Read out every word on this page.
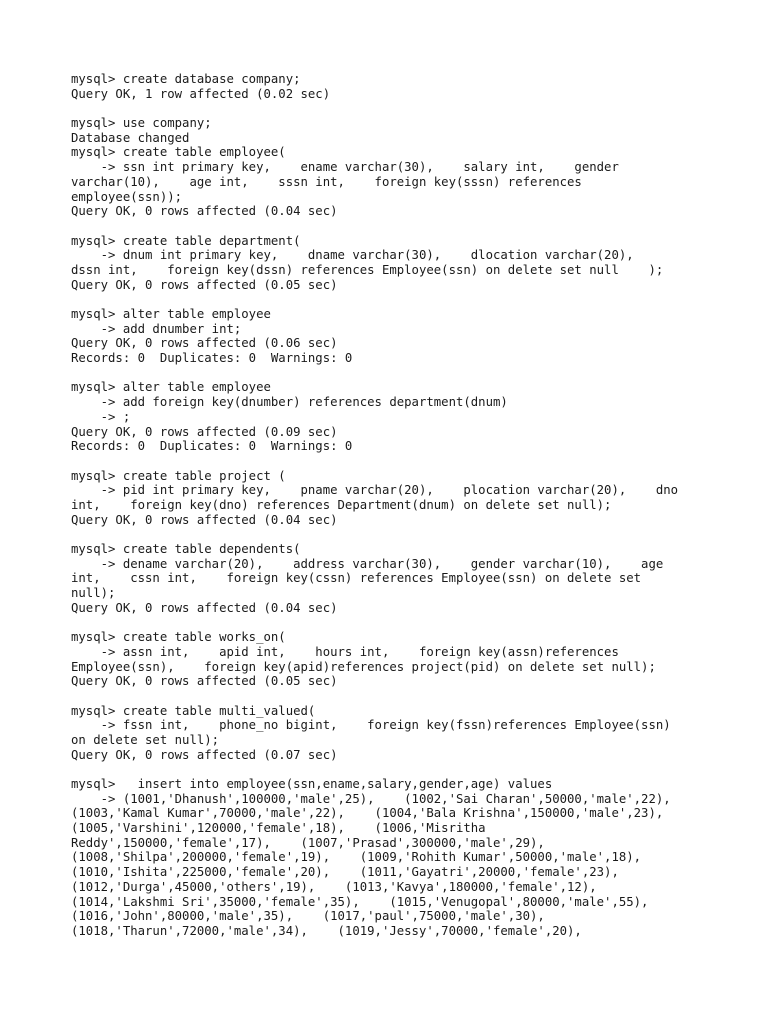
mysql> create database company;
Query OK, 1 row affected (0.02 sec)
mysql> use company;
Database changed
mysql> create table employee(
-> ssn int primary key,    ename varchar(30),    salary int,    gender
varchar(10),    age int,    sssn int,    foreign key(sssn) references
employee(ssn));
Query OK, 0 rows affected (0.04 sec)
mysql> create table department(
-> dnum int primary key,    dname varchar(30),    dlocation varchar(20),
dssn int,    foreign key(dssn) references Employee(ssn) on delete set null    );
Query OK, 0 rows affected (0.05 sec)
mysql> alter table employee
-> add dnumber int;
Query OK, 0 rows affected (0.06 sec)
Records: 0  Duplicates: 0  Warnings: 0
mysql> alter table employee
-> add foreign key(dnumber) references department(dnum)
-> ;
Query OK, 0 rows affected (0.09 sec)
Records: 0  Duplicates: 0  Warnings: 0
mysql> create table project (
-> pid int primary key,    pname varchar(20),    plocation varchar(20),    dno
int,    foreign key(dno) references Department(dnum) on delete set null);
Query OK, 0 rows affected (0.04 sec)
mysql> create table dependents(
-> dename varchar(20),    address varchar(30),    gender varchar(10),    age
int,    cssn int,    foreign key(cssn) references Employee(ssn) on delete set
null);
Query OK, 0 rows affected (0.04 sec)
mysql> create table works_on(
-> assn int,    apid int,    hours int,    foreign key(assn)references
Employee(ssn),    foreign key(apid)references project(pid) on delete set null);
Query OK, 0 rows affected (0.05 sec)
mysql> create table multi_valued(
-> fssn int,    phone_no bigint,    foreign key(fssn)references Employee(ssn)
on delete set null);
Query OK, 0 rows affected (0.07 sec)
mysql>   insert into employee(ssn,ename,salary,gender,age) values
-> (1001,'Dhanush',100000,'male',25),    (1002,'Sai Charan',50000,'male',22),
(1003,'Kamal Kumar',70000,'male',22),    (1004,'Bala Krishna',150000,'male',23),
(1005,'Varshini',120000,'female',18),    (1006,'Misritha
Reddy',150000,'female',17),    (1007,'Prasad',300000,'male',29),
(1008,'Shilpa',200000,'female',19),    (1009,'Rohith Kumar',50000,'male',18),
(1010,'Ishita',225000,'female',20),    (1011,'Gayatri',20000,'female',23),
(1012,'Durga',45000,'others',19),    (1013,'Kavya',180000,'female',12),
(1014,'Lakshmi Sri',35000,'female',35),    (1015,'Venugopal',80000,'male',55),
(1016,'John',80000,'male',35),    (1017,'paul',75000,'male',30),
(1018,'Tharun',72000,'male',34),    (1019,'Jessy',70000,'female',20),
